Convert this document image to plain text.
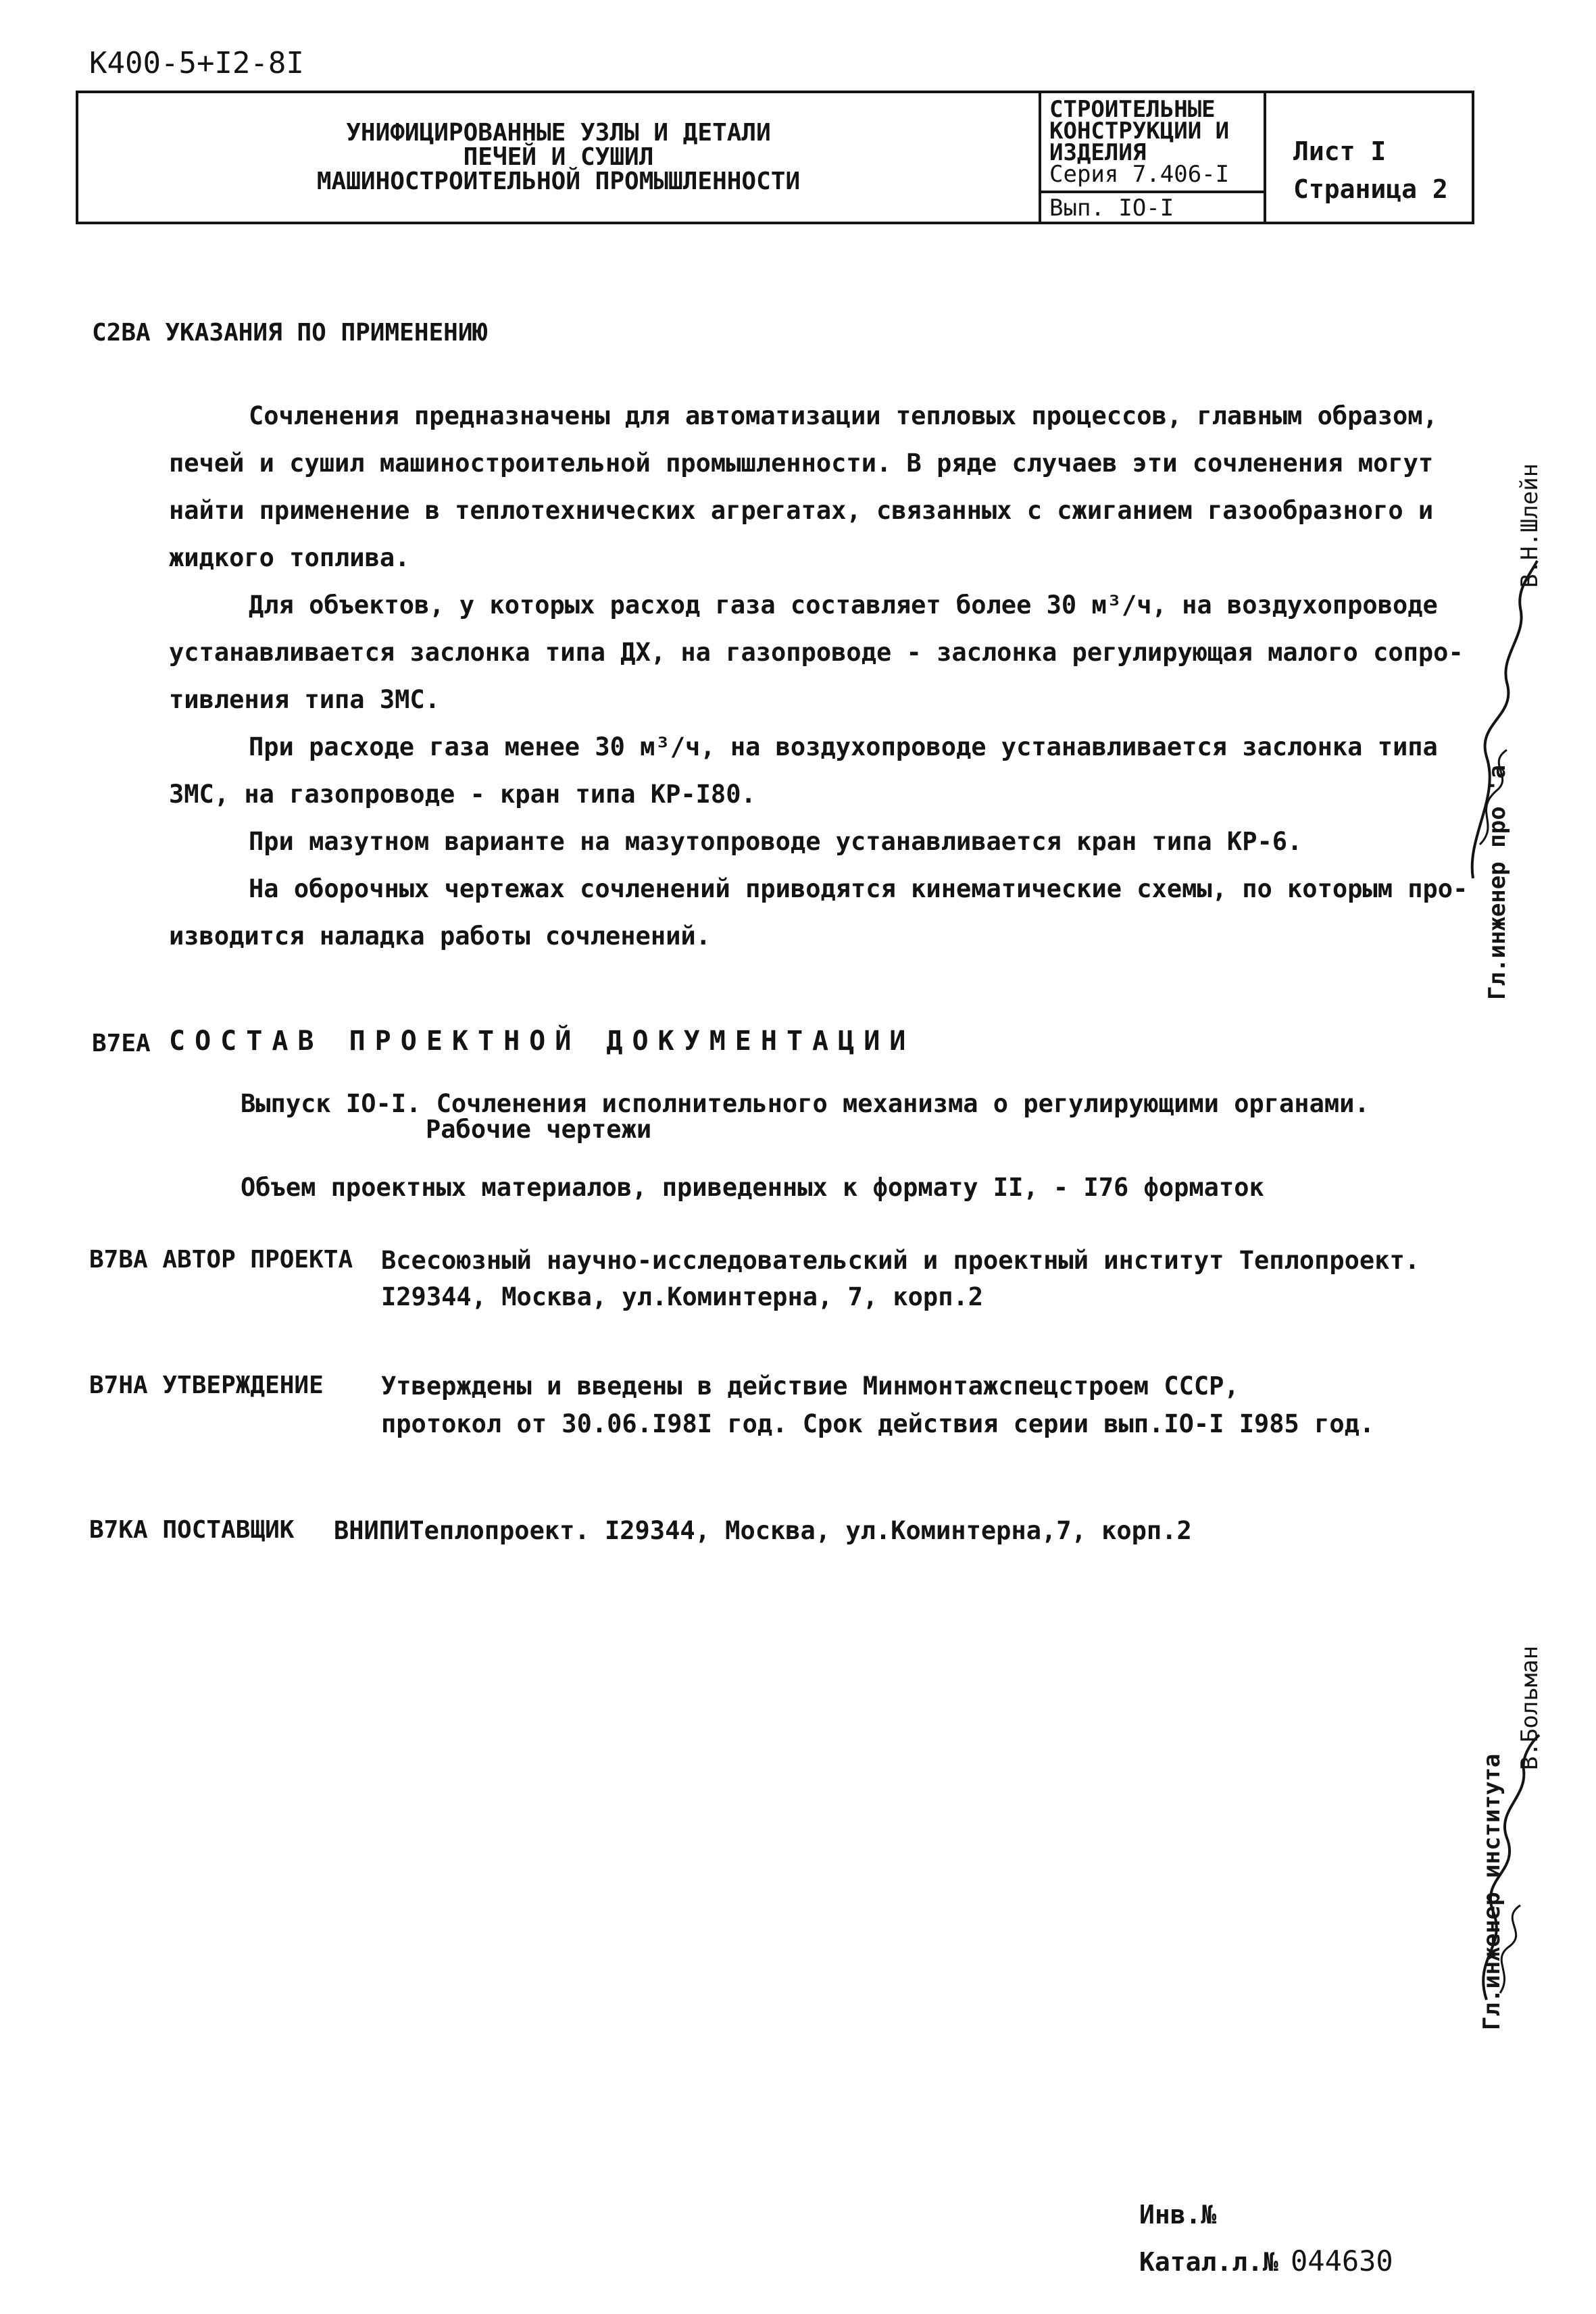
К400-5+I2-8I
УНИФИЦИРОВАННЫЕ УЗЛЫ И ДЕТАЛИ
ПЕЧЕЙ И СУШИЛ
МАШИНОСТРОИТЕЛЬНОЙ ПРОМЫШЛЕННОСТИ
СТРОИТЕЛЬНЫЕ
КОНСТРУКЦИИ И
ИЗДЕЛИЯ
Серия 7.406-I
Вып. IO-I
Лист I
Страница 2
С2ВА УКАЗАНИЯ ПО ПРИМЕНЕНИЮ
Сочленения предназначены для автоматизации тепловых процессов, главным образом,
печей и сушил машиностроительной промышленности. В ряде случаев эти сочленения могут
найти применение в теплотехнических агрегатах, связанных с сжиганием газообразного и
жидкого топлива.
Для объектов, у которых расход газа составляет более 30 м³/ч, на воздухопроводе
устанавливается заслонка типа ДХ, на газопроводе - заслонка регулирующая малого сопро-
тивления типа ЗМС.
При расходе газа менее 30 м³/ч, на воздухопроводе устанавливается заслонка типа
ЗМС, на газопроводе - кран типа КР-I80.
При мазутном варианте на мазутопроводе устанавливается кран типа КР-6.
На оборочных чертежах сочленений приводятся кинематические схемы, по которым про-
изводится наладка работы сочленений.
В7ЕА СОСТАВ ПРОЕКТНОЙ ДОКУМЕНТАЦИИ
Выпуск IO-I. Сочленения исполнительного механизма о регулирующими органами.
Рабочие чертежи
Объем проектных материалов, приведенных к формату II, - I76 форматок
В7ВА АВТОР ПРОЕКТА Всесоюзный научно-исследовательский и проектный институт Теплопроект.
I29344, Москва, ул.Коминтерна, 7, корп.2
В7НА УТВЕРЖДЕНИЕ Утверждены и введены в действие Минмонтажспецстроем СССР,
протокол от 30.06.I98I год. Срок действия серии вып.IO-I I985 год.
В7КА ПОСТАВЩИК ВНИПИТеплопроект. I29344, Москва, ул.Коминтерна,7, корп.2
Гл.инженер про 'а
В.Н.Шлейн
Гл.инженер института
В.Больман
Инв.№
Катал.л.№ 044630
